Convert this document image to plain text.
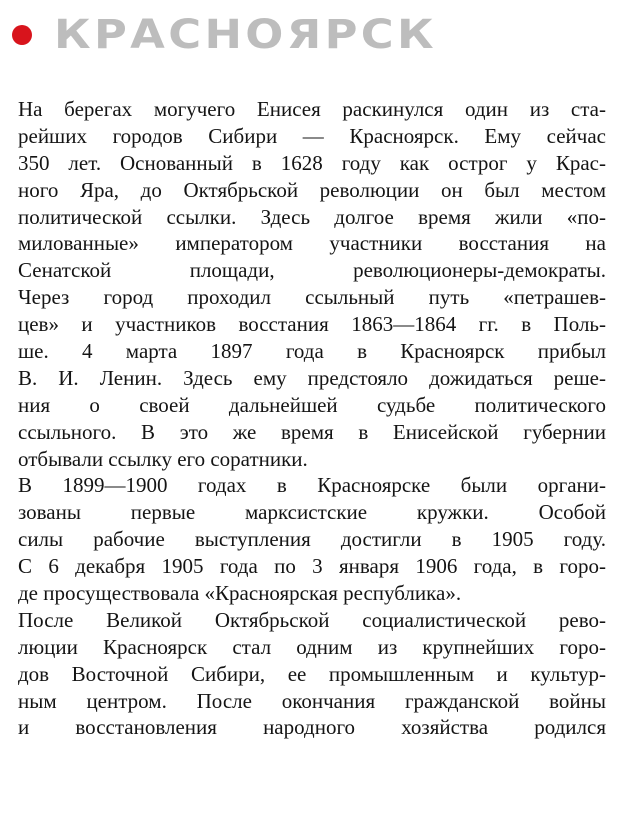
КРАСНОЯРСК
На берегах могучего Енисея раскинулся один из ста-
рейших городов Сибири — Красноярск. Ему сейчас
350 лет. Основанный в 1628 году как острог у Крас-
ного Яра, до Октябрьской революции он был местом
политической ссылки. Здесь долгое время жили «по-
милованные» императором участники восстания на
Сенатской площади, революционеры-демократы.
Через город проходил ссыльный путь «петрашев-
цев» и участников восстания 1863—1864 гг. в Поль-
ше. 4 марта 1897 года в Красноярск прибыл
В. И. Ленин. Здесь ему предстояло дожидаться реше-
ния о своей дальнейшей судьбе политического
ссыльного. В это же время в Енисейской губернии
отбывали ссылку его соратники.
В 1899—1900 годах в Красноярске были органи-
зованы первые марксистские кружки. Особой
силы рабочие выступления достигли в 1905 году.
С 6 декабря 1905 года по 3 января 1906 года, в горо-
де просуществовала «Красноярская республика».
После Великой Октябрьской социалистической рево-
люции Красноярск стал одним из крупнейших горо-
дов Восточной Сибири, ее промышленным и культур-
ным центром. После окончания гражданской войны
и восстановления народного хозяйства родился
